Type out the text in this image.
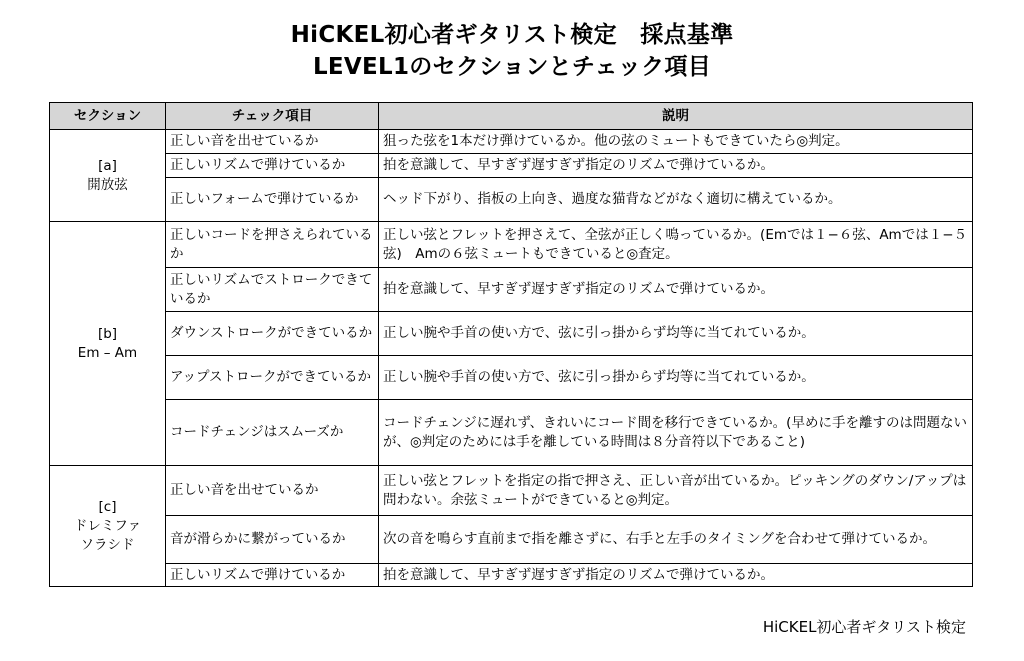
HiCKEL初心者ギタリスト検定　採点基準
LEVEL1のセクションとチェック項目
セクション	チェック項目	説明

[a]
開放弦	正しい音を出せているか	狙った弦を1本だけ弾けているか。他の弦のミュートもできていたら◎判定。
	正しいリズムで弾けているか	拍を意識して、早すぎず遅すぎず指定のリズムで弾けているか。
	正しいフォームで弾けているか	ヘッド下がり、指板の上向き、過度な猫背などがなく適切に構えているか。

[b]
Em – Am	正しいコードを押さえられているか	正しい弦とフレットを押さえて、全弦が正しく鳴っているか。(Emでは１−６弦、Amでは１−５弦)　Amの６弦ミュートもできていると◎査定。
	正しいリズムでストロークできているか	拍を意識して、早すぎず遅すぎず指定のリズムで弾けているか。
	ダウンストロークができているか	正しい腕や手首の使い方で、弦に引っ掛からず均等に当てれているか。
	アップストロークができているか	正しい腕や手首の使い方で、弦に引っ掛からず均等に当てれているか。
	コードチェンジはスムーズか	コードチェンジに遅れず、きれいにコード間を移行できているか。(早めに手を離すのは問題ないが、◎判定のためには手を離している時間は８分音符以下であること)

[c]
ドレミファ
ソラシド	正しい音を出せているか	正しい弦とフレットを指定の指で押さえ、正しい音が出ているか。ピッキングのダウン/アップは問わない。余弦ミュートができていると◎判定。
	音が滑らかに繋がっているか	次の音を鳴らす直前まで指を離さずに、右手と左手のタイミングを合わせて弾けているか。
	正しいリズムで弾けているか	拍を意識して、早すぎず遅すぎず指定のリズムで弾けているか。
HiCKEL初心者ギタリスト検定
